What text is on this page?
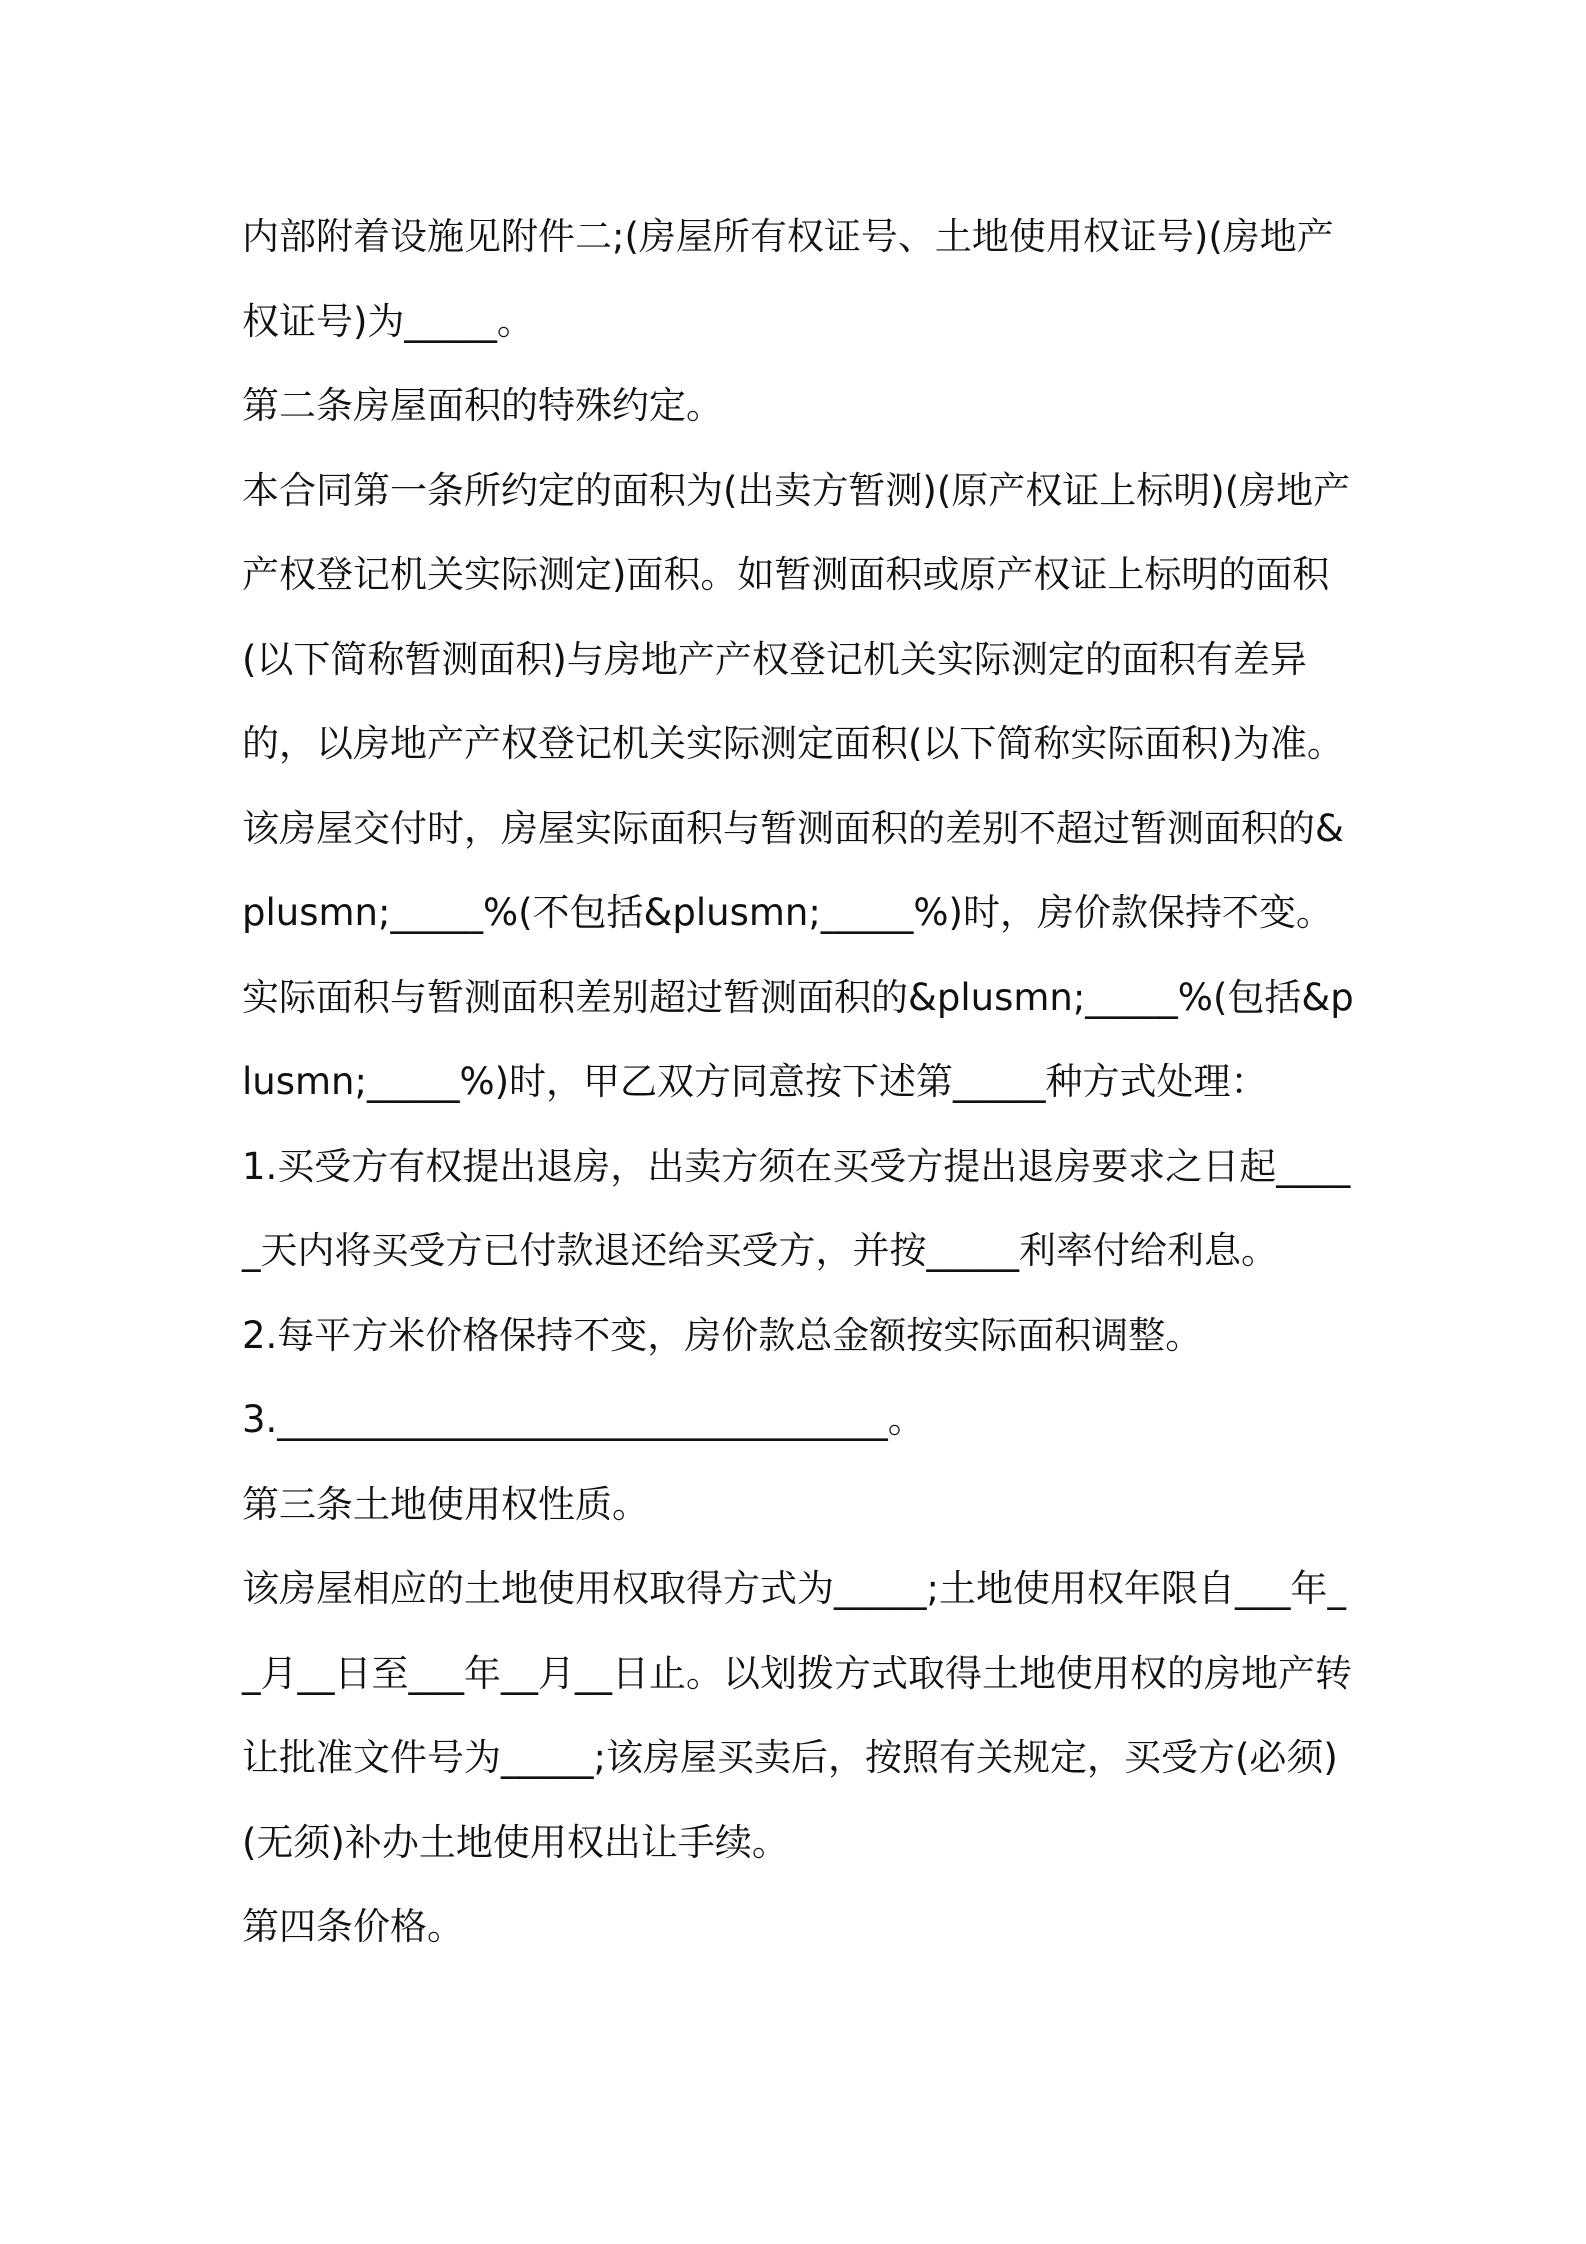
内部附着设施见附件二;(房屋所有权证号、土地使用权证号)(房地产权证号)为_____。

第二条房屋面积的特殊约定。

本合同第一条所约定的面积为(出卖方暂测)(原产权证上标明)(房地产产权登记机关实际测定)面积。如暂测面积或原产权证上标明的面积(以下简称暂测面积)与房地产产权登记机关实际测定的面积有差异的，以房地产产权登记机关实际测定面积(以下简称实际面积)为准。

该房屋交付时，房屋实际面积与暂测面积的差别不超过暂测面积的&plusmn;_____%(不包括&plusmn;_____%)时，房价款保持不变。

实际面积与暂测面积差别超过暂测面积的&plusmn;_____%(包括&plusmn;_____%)时，甲乙双方同意按下述第_____种方式处理：

1.买受方有权提出退房，出卖方须在买受方提出退房要求之日起_____天内将买受方已付款退还给买受方，并按_____利率付给利息。

2.每平方米价格保持不变，房价款总金额按实际面积调整。

3._________________________________。

第三条土地使用权性质。

该房屋相应的土地使用权取得方式为_____;土地使用权年限自___年__月__日至___年__月__日止。以划拨方式取得土地使用权的房地产转让批准文件号为_____;该房屋买卖后，按照有关规定，买受方(必须)(无须)补办土地使用权出让手续。

第四条价格。
